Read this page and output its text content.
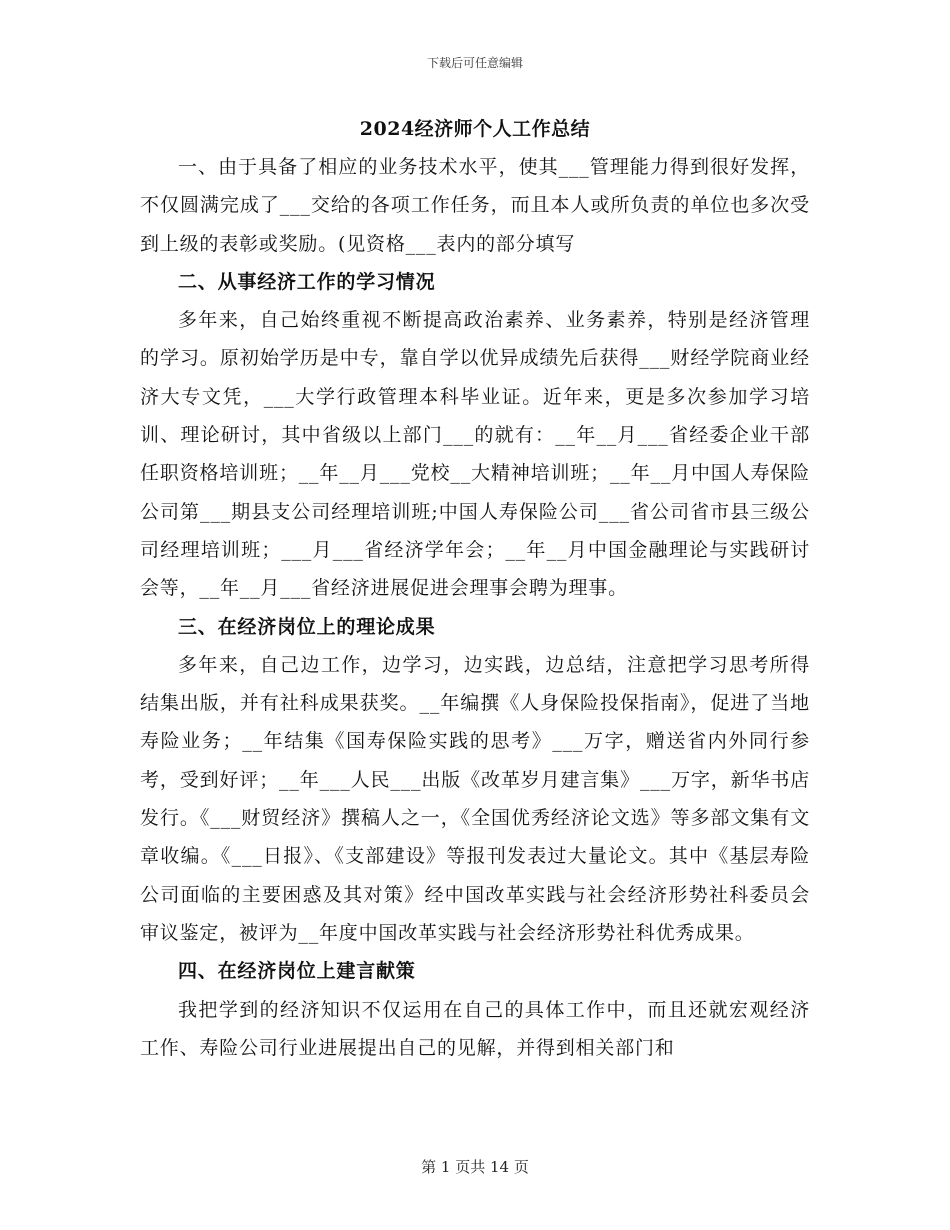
下载后可任意编辑
2024经济师个人工作总结

一、由于具备了相应的业务技术水平，使其___管理能力得到很好发挥，不仅圆满完成了___交给的各项工作任务，而且本人或所负责的单位也多次受到上级的表彰或奖励。(见资格___表内的部分填写

二、从事经济工作的学习情况

多年来，自己始终重视不断提高政治素养、业务素养，特别是经济管理的学习。原初始学历是中专，靠自学以优异成绩先后获得___财经学院商业经济大专文凭，___大学行政管理本科毕业证。近年来，更是多次参加学习培训、理论研讨，其中省级以上部门___的就有：__年__月___省经委企业干部任职资格培训班；__年__月___党校__大精神培训班；__年__月中国人寿保险公司第___期县支公司经理培训班;中国人寿保险公司___省公司省市县三级公司经理培训班；___月___省经济学年会；__年__月中国金融理论与实践研讨会等，__年__月___省经济进展促进会理事会聘为理事。

三、在经济岗位上的理论成果

多年来，自己边工作，边学习，边实践，边总结，注意把学习思考所得结集出版，并有社科成果获奖。__年编撰《人身保险投保指南》，促进了当地寿险业务；__年结集《国寿保险实践的思考》___万字，赠送省内外同行参考，受到好评；__年___人民___出版《改革岁月建言集》___万字，新华书店发行。《___财贸经济》撰稿人之一，《全国优秀经济论文选》等多部文集有文章收编。《___日报》、《支部建设》等报刊发表过大量论文。其中《基层寿险公司面临的主要困惑及其对策》经中国改革实践与社会经济形势社科委员会审议鉴定，被评为__年度中国改革实践与社会经济形势社科优秀成果。

四、在经济岗位上建言献策

我把学到的经济知识不仅运用在自己的具体工作中，而且还就宏观经济工作、寿险公司行业进展提出自己的见解，并得到相关部门和

第 1 页共 14 页
